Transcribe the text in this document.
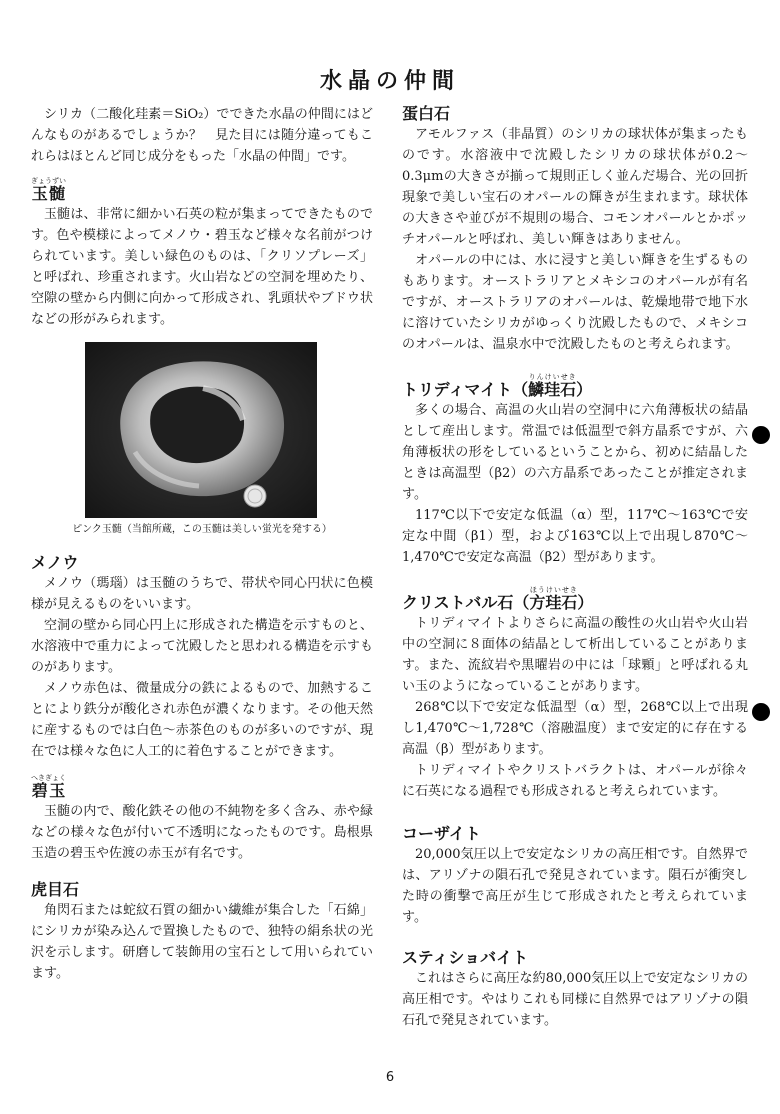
水晶の仲間

シリカ（二酸化珪素＝SiO₂）でできた水晶の仲間にはどんなものがあるでしょうか？　見た目には随分違ってもこれらはほとんど同じ成分をもった「水晶の仲間」です。

玉髄ぎょうずい

玉髄は、非常に細かい石英の粒が集まってできたものです。色や模様によってメノウ・碧玉など様々な名前がつけられています。美しい緑色のものは、「クリソプレーズ」と呼ばれ、珍重されます。火山岩などの空洞を埋めたり、空隙の壁から内側に向かって形成され、乳頭状やブドウ状などの形がみられます。

ピンク玉髄（当館所蔵，この玉髄は美しい蛍光を発する）
メノウ

メノウ（瑪瑙）は玉髄のうちで、帯状や同心円状に色模様が見えるものをいいます。

空洞の壁から同心円上に形成された構造を示すものと、水溶液中で重力によって沈殿したと思われる構造を示すものがあります。

メノウ赤色は、微量成分の鉄によるもので、加熱することにより鉄分が酸化され赤色が濃くなります。その他天然に産するものでは白色～赤茶色のものが多いのですが、現在では様々な色に人工的に着色することができます。

碧玉へきぎょく

玉髄の内で、酸化鉄その他の不純物を多く含み、赤や緑などの様々な色が付いて不透明になったものです。島根県玉造の碧玉や佐渡の赤玉が有名です。

虎目石

角閃石または蛇紋石質の細かい繊維が集合した「石綿」にシリカが染み込んで置換したもので、独特の絹糸状の光沢を示します。研磨して装飾用の宝石として用いられています。

蛋白石

アモルファス（非晶質）のシリカの球状体が集まったものです。水溶液中で沈殿したシリカの球状体が0.2～0.3μmの大きさが揃って規則正しく並んだ場合、光の回折現象で美しい宝石のオパールの輝きが生まれます。球状体の大きさや並びが不規則の場合、コモンオパールとかポッチオパールと呼ばれ、美しい輝きはありません。

オパールの中には、水に浸すと美しい輝きを生ずるものもあります。オーストラリアとメキシコのオパールが有名ですが、オーストラリアのオパールは、乾燥地帯で地下水に溶けていたシリカがゆっくり沈殿したもので、メキシコのオパールは、温泉水中で沈殿したものと考えられます。

トリディマイト（鱗珪石りんけいせき）

多くの場合、高温の火山岩の空洞中に六角薄板状の結晶として産出します。常温では低温型で斜方晶系ですが、六角薄板状の形をしているということから、初めに結晶したときは高温型（β2）の六方晶系であったことが推定されます。

117℃以下で安定な低温（α）型，117℃～163℃で安定な中間（β1）型，および163℃以上で出現し870℃～1,470℃で安定な高温（β2）型があります。

クリストバル石（方珪石ほうけいせき）

トリディマイトよりさらに高温の酸性の火山岩や火山岩中の空洞に８面体の結晶として析出していることがあります。また、流紋岩や黒曜岩の中には「球顆」と呼ばれる丸い玉のようになっていることがあります。

268℃以下で安定な低温型（α）型，268℃以上で出現し1,470℃～1,728℃（溶融温度）まで安定的に存在する高温（β）型があります。

トリディマイトやクリストバラクトは、オパールが徐々に石英になる過程でも形成されると考えられています。

コーザイト

20,000気圧以上で安定なシリカの高圧相です。自然界では、アリゾナの隕石孔で発見されています。隕石が衝突した時の衝撃で高圧が生じて形成されたと考えられています。

スティショバイト

これはさらに高圧な約80,000気圧以上で安定なシリカの高圧相です。やはりこれも同様に自然界ではアリゾナの隕石孔で発見されています。

6
